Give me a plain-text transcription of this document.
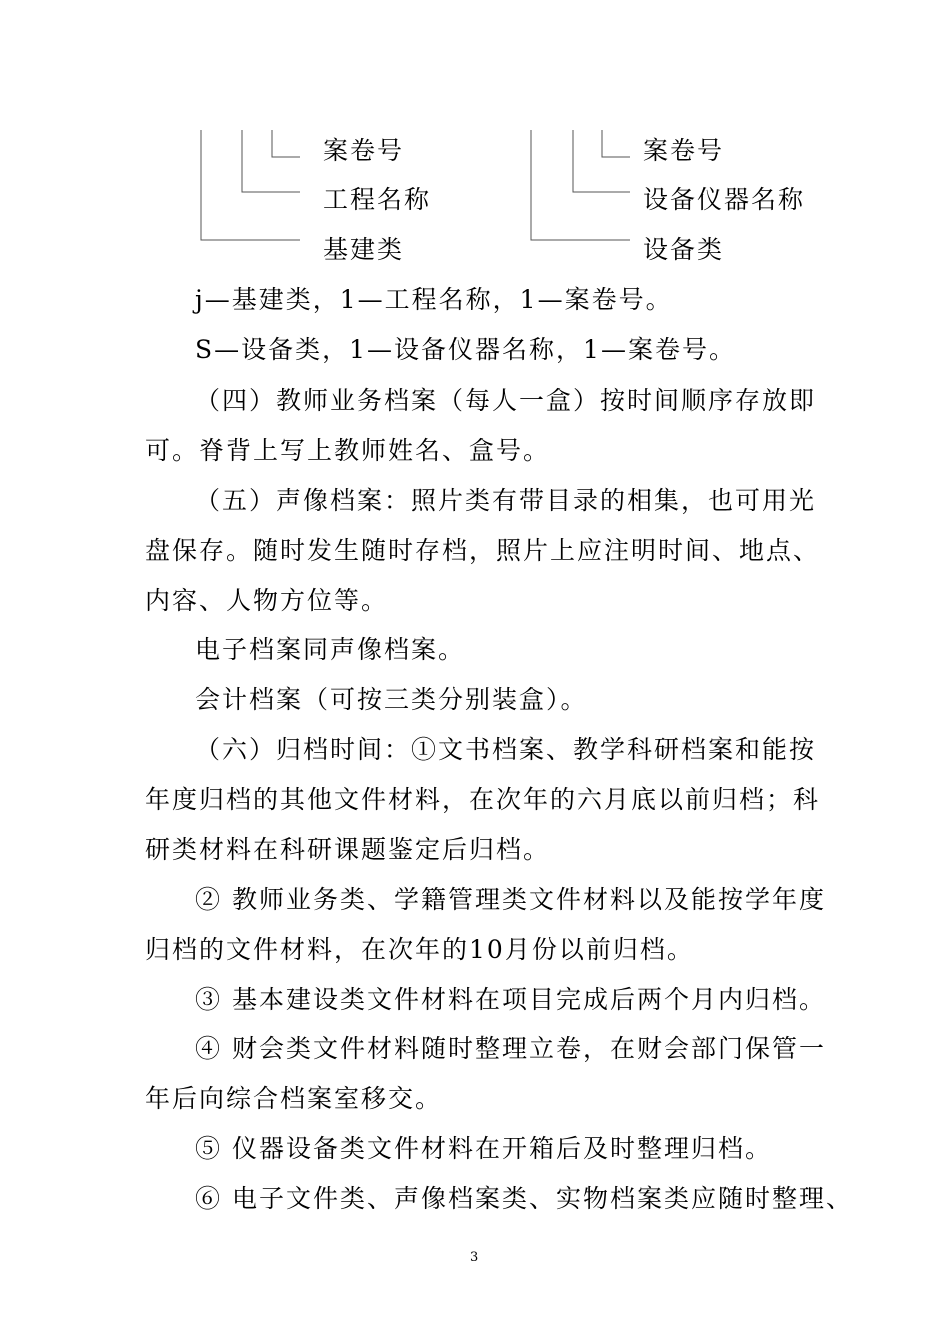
案卷号
工程名称
基建类
案卷号
设备仪器名称
设备类
j—基建类，1—工程名称，1—案卷号。
S—设备类，1—设备仪器名称，1—案卷号。
（四）教师业务档案（每人一盒）按时间顺序存放即
可。脊背上写上教师姓名、盒号。
（五）声像档案：照片类有带目录的相集，也可用光
盘保存。随时发生随时存档，照片上应注明时间、地点、
内容、人物方位等。
电子档案同声像档案。
会计档案（可按三类分别装盒）。
（六）归档时间：①文书档案、教学科研档案和能按
年度归档的其他文件材料，在次年的六月底以前归档；科
研类材料在科研课题鉴定后归档。
② 教师业务类、学籍管理类文件材料以及能按学年度
归档的文件材料，在次年的10月份以前归档。
③ 基本建设类文件材料在项目完成后两个月内归档。
④ 财会类文件材料随时整理立卷，在财会部门保管一
年后向综合档案室移交。
⑤ 仪器设备类文件材料在开箱后及时整理归档。
⑥ 电子文件类、声像档案类、实物档案类应随时整理、
3
